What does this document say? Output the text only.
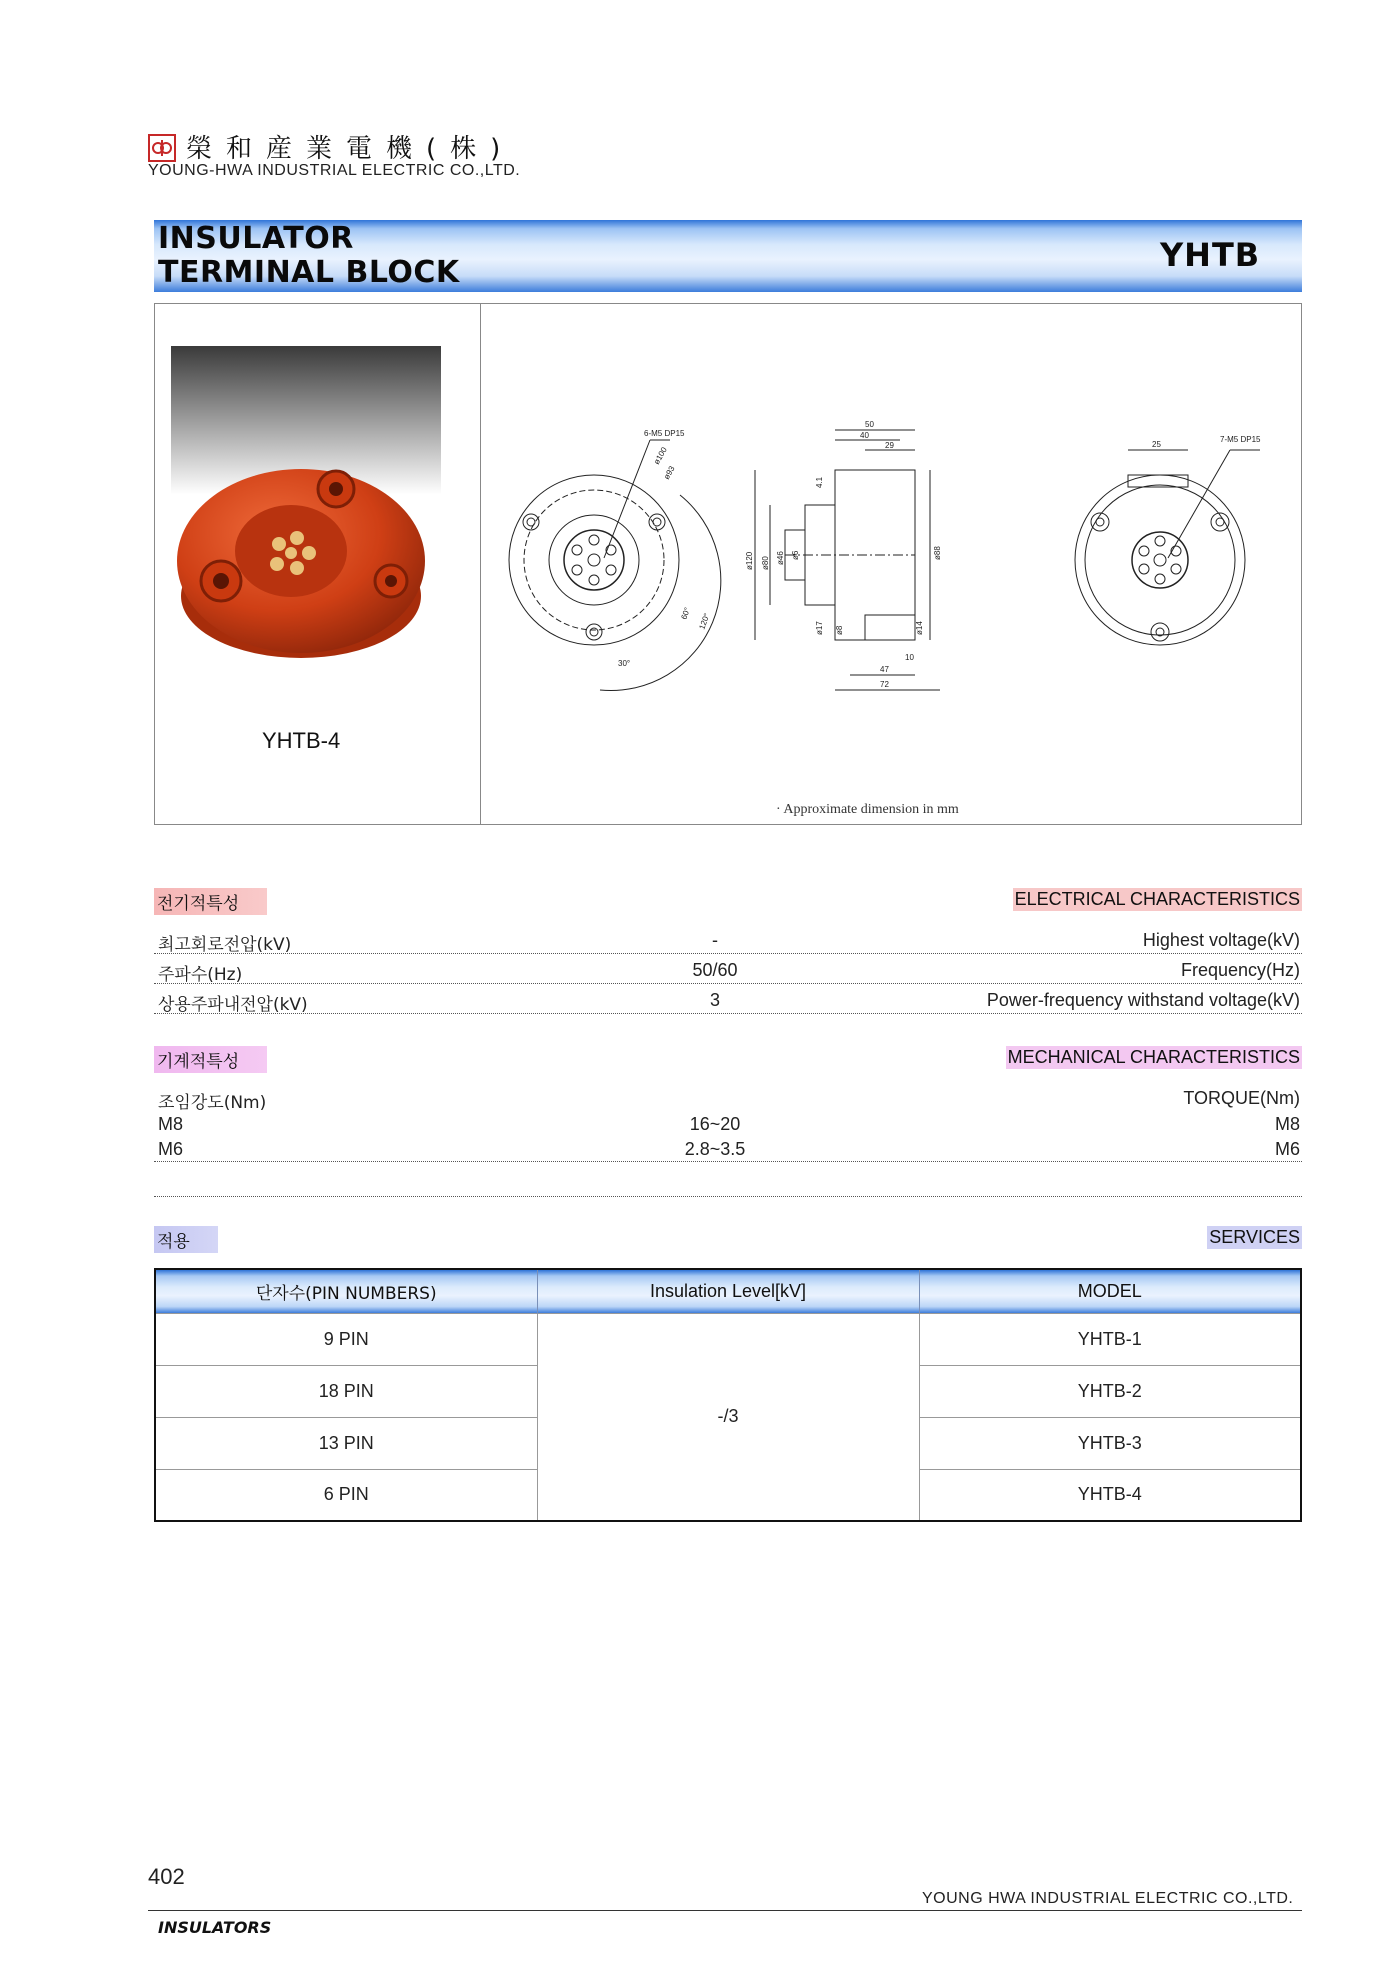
榮和産業電機(株)
YOUNG-HWA INDUSTRIAL ELECTRIC CO.,LTD.
INSULATOR
TERMINAL BLOCK	YHTB
YHTB-4
6-M5 DP15
ø100
ø93
60° 120°
30°
50
40
29
4.1
ø120 ø80 ø46 ø6	ø88
ø17 ø8	ø14
10
47
72
25
7-M5 DP15
· Approximate dimension in mm
전기적특성	ELECTRICAL CHARACTERISTICS
최고회로전압(kV)	-	Highest voltage(kV)
주파수(Hz)	50/60	Frequency(Hz)
상용주파내전압(kV)	3	Power-frequency withstand voltage(kV)
기계적특성	MECHANICAL CHARACTERISTICS
조임강도(Nm)	TORQUE(Nm)
M8	16~20	M8
M6	2.8~3.5	M6
적용	SERVICES
단자수(PIN NUMBERS)	Insulation Level[kV]	MODEL
9 PIN	-/3	YHTB-1
18 PIN		YHTB-2
13 PIN		YHTB-3
6 PIN		YHTB-4
402
YOUNG HWA INDUSTRIAL ELECTRIC CO.,LTD.
INSULATORS
